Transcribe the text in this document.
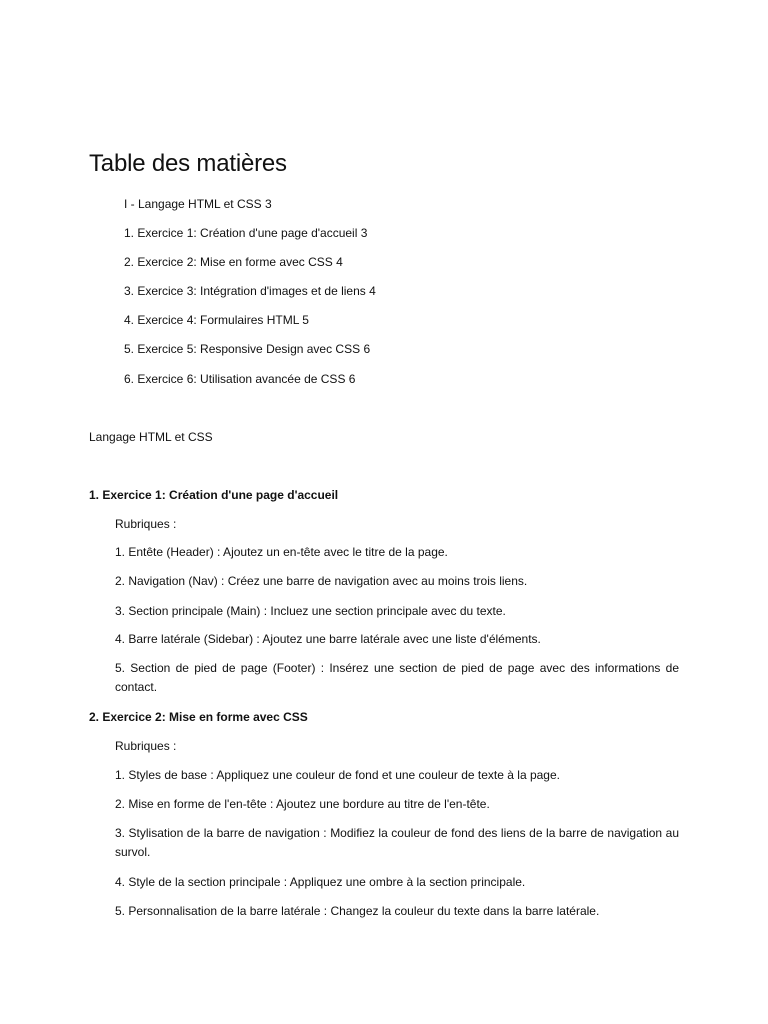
Table des matières

I - Langage HTML et CSS 3

1. Exercice 1: Création d'une page d'accueil 3

2. Exercice 2: Mise en forme avec CSS 4

3. Exercice 3: Intégration d'images et de liens 4

4. Exercice 4: Formulaires HTML 5

5. Exercice 5: Responsive Design avec CSS 6

6. Exercice 6: Utilisation avancée de CSS 6

Langage HTML et CSS
1. Exercice 1: Création d'une page d'accueil

Rubriques :

1. Entête (Header) : Ajoutez un en-tête avec le titre de la page.

2. Navigation (Nav) : Créez une barre de navigation avec au moins trois liens.

3. Section principale (Main) : Incluez une section principale avec du texte.

4. Barre latérale (Sidebar) : Ajoutez une barre latérale avec une liste d'éléments.

5. Section de pied de page (Footer) : Insérez une section de pied de page avec des informations de contact.

2. Exercice 2: Mise en forme avec CSS

Rubriques :

1. Styles de base : Appliquez une couleur de fond et une couleur de texte à la page.

2. Mise en forme de l'en-tête : Ajoutez une bordure au titre de l'en-tête.

3. Stylisation de la barre de navigation : Modifiez la couleur de fond des liens de la barre de navigation au survol.

4. Style de la section principale : Appliquez une ombre à la section principale.

5. Personnalisation de la barre latérale : Changez la couleur du texte dans la barre latérale.
